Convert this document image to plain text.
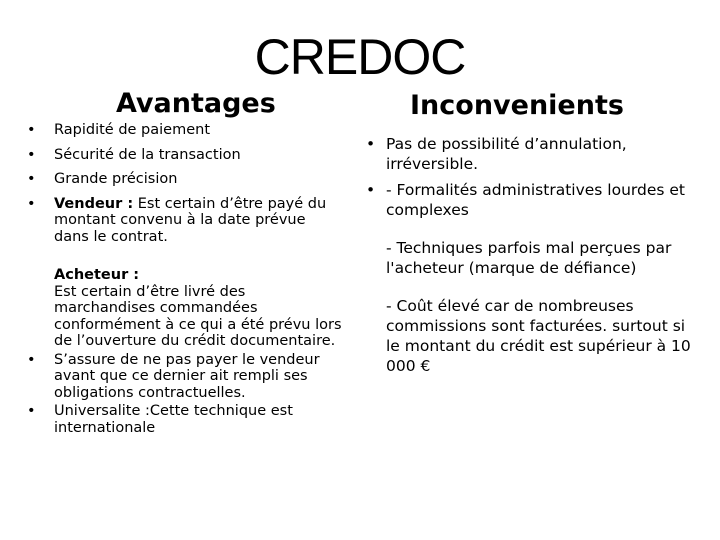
CREDOC
Avantages	Inconvenients
• Rapidité de paiement
• Sécurité de la transaction
• Grande précision
• Vendeur : Est certain d’être payé du montant convenu à la date prévue dans le contrat.
Acheteur :
Est certain d’être livré des marchandises commandées conformément à ce qui a été prévu lors de l’ouverture du crédit documentaire.
• S’assure de ne pas payer le vendeur avant que ce dernier ait rempli ses obligations contractuelles.
• Universalite :Cette technique est internationale
• Pas de possibilité d’annulation, irréversible.
• - Formalités administratives lourdes et complexes
- Techniques parfois mal perçues par l'acheteur (marque de défiance)
- Coût élevé car de nombreuses commissions sont facturées. surtout si le montant du crédit est supérieur à 10 000 €
